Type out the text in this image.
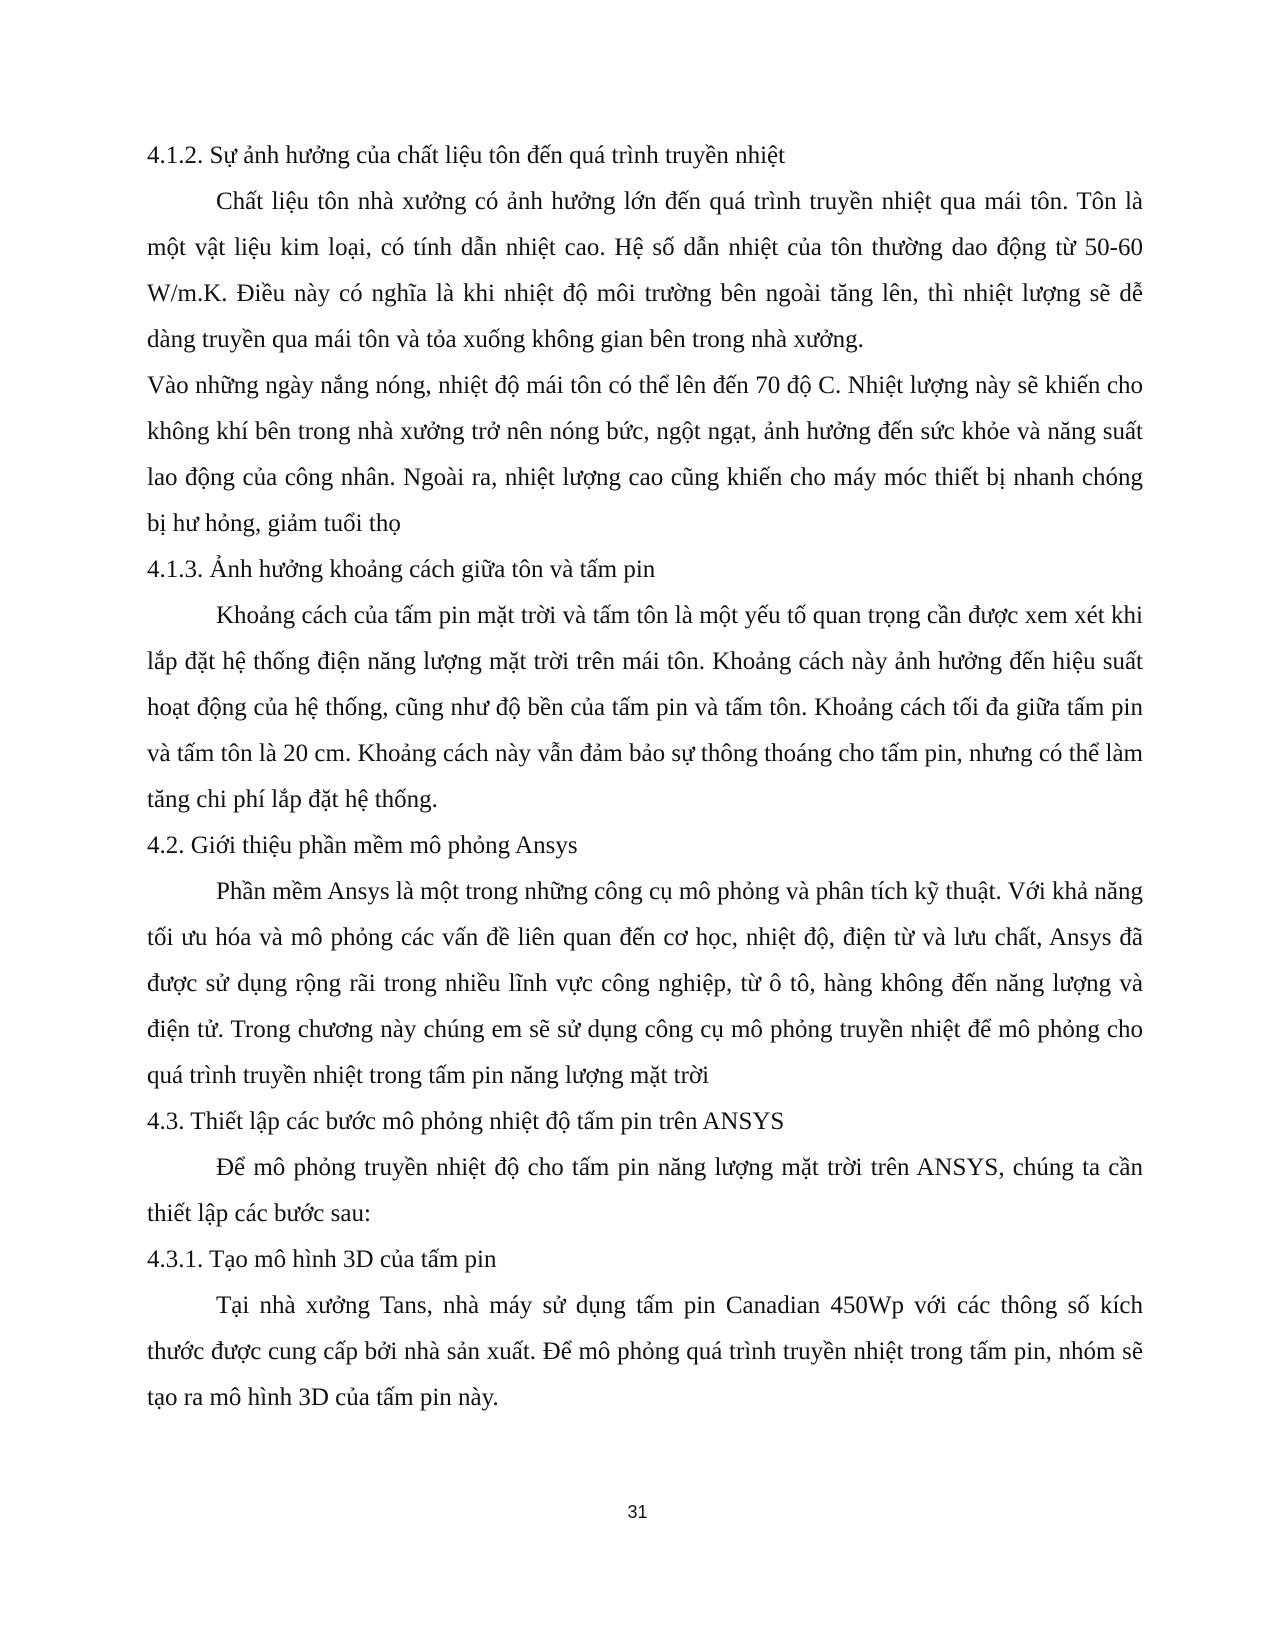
4.1.2. Sự ảnh hưởng của chất liệu tôn đến quá trình truyền nhiệt

Chất liệu tôn nhà xưởng có ảnh hưởng lớn đến quá trình truyền nhiệt qua mái tôn. Tôn là một vật liệu kim loại, có tính dẫn nhiệt cao. Hệ số dẫn nhiệt của tôn thường dao động từ 50-60 W/m.K. Điều này có nghĩa là khi nhiệt độ môi trường bên ngoài tăng lên, thì nhiệt lượng sẽ dễ dàng truyền qua mái tôn và tỏa xuống không gian bên trong nhà xưởng.

Vào những ngày nắng nóng, nhiệt độ mái tôn có thể lên đến 70 độ C. Nhiệt lượng này sẽ khiến cho không khí bên trong nhà xưởng trở nên nóng bức, ngột ngạt, ảnh hưởng đến sức khỏe và năng suất lao động của công nhân. Ngoài ra, nhiệt lượng cao cũng khiến cho máy móc thiết bị nhanh chóng bị hư hỏng, giảm tuổi thọ

4.1.3. Ảnh hưởng khoảng cách giữa tôn và tấm pin

Khoảng cách của tấm pin mặt trời và tấm tôn là một yếu tố quan trọng cần được xem xét khi lắp đặt hệ thống điện năng lượng mặt trời trên mái tôn. Khoảng cách này ảnh hưởng đến hiệu suất hoạt động của hệ thống, cũng như độ bền của tấm pin và tấm tôn. Khoảng cách tối đa giữa tấm pin và tấm tôn là 20 cm. Khoảng cách này vẫn đảm bảo sự thông thoáng cho tấm pin, nhưng có thể làm tăng chi phí lắp đặt hệ thống.

4.2. Giới thiệu phần mềm mô phỏng Ansys

Phần mềm Ansys là một trong những công cụ mô phỏng và phân tích kỹ thuật. Với khả năng tối ưu hóa và mô phỏng các vấn đề liên quan đến cơ học, nhiệt độ, điện từ và lưu chất, Ansys đã được sử dụng rộng rãi trong nhiều lĩnh vực công nghiệp, từ ô tô, hàng không đến năng lượng và điện tử. Trong chương này chúng em sẽ sử dụng công cụ mô phỏng truyền nhiệt để mô phỏng cho quá trình truyền nhiệt trong tấm pin năng lượng mặt trời

4.3. Thiết lập các bước mô phỏng nhiệt độ tấm pin trên ANSYS

Để mô phỏng truyền nhiệt độ cho tấm pin năng lượng mặt trời trên ANSYS, chúng ta cần thiết lập các bước sau:

4.3.1. Tạo mô hình 3D của tấm pin

Tại nhà xưởng Tans, nhà máy sử dụng tấm pin Canadian 450Wp với các thông số kích thước được cung cấp bởi nhà sản xuất. Để mô phỏng quá trình truyền nhiệt trong tấm pin, nhóm sẽ tạo ra mô hình 3D của tấm pin này.

31
